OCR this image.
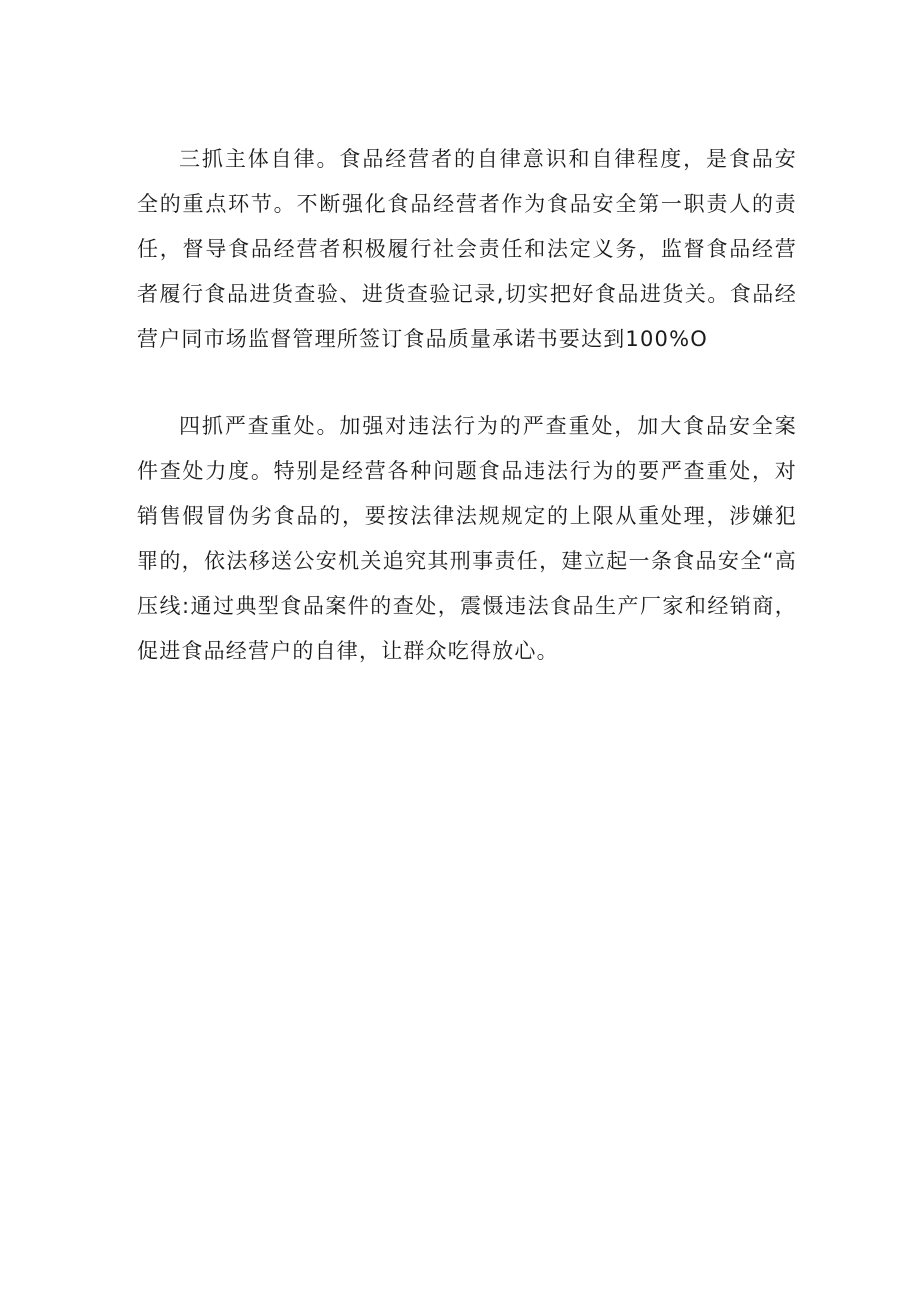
三抓主体自律。食品经营者的自律意识和自律程度，是食品安全的重点环节。不断强化食品经营者作为食品安全第一职责人的责任，督导食品经营者积极履行社会责任和法定义务，监督食品经营者履行食品进货查验、进货查验记录,切实把好食品进货关。食品经营户同市场监督管理所签订食品质量承诺书要达到100%O

四抓严查重处。加强对违法行为的严查重处，加大食品安全案件查处力度。特别是经营各种问题食品违法行为的要严查重处，对销售假冒伪劣食品的，要按法律法规规定的上限从重处理，涉嫌犯罪的，依法移送公安机关追究其刑事责任，建立起一条食品安全“高压线:通过典型食品案件的查处，震慑违法食品生产厂家和经销商，促进食品经营户的自律，让群众吃得放心。
